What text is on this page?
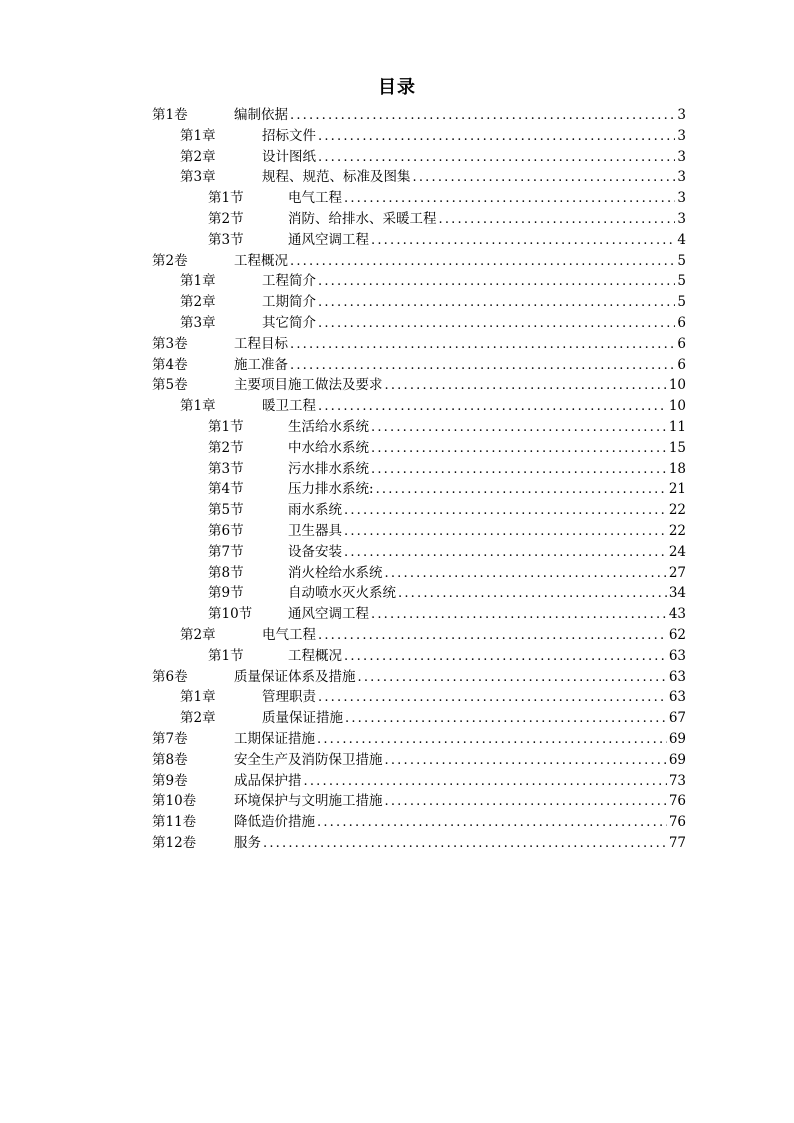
目录
第1卷	编制依据 .....	3
第1章	招标文件 .....	3
第2章	设计图纸 .....	3
第3章	规程、规范、标准及图集 .....	3
第1节	电气工程 .....	3
第2节	消防、给排水、采暖工程 .....	3
第3节	通风空调工程 .....	4
第2卷	工程概况 .....	5
第1章	工程简介 .....	5
第2章	工期简介 .....	5
第3章	其它简介 .....	6
第3卷	工程目标 .....	6
第4卷	施工准备 .....	6
第5卷	主要项目施工做法及要求 .....	10
第1章	暖卫工程 .....	10
第1节	生活给水系统 .....	11
第2节	中水给水系统 .....	15
第3节	污水排水系统 .....	18
第4节	压力排水系统: .....	21
第5节	雨水系统 .....	22
第6节	卫生器具 .....	22
第7节	设备安装 .....	24
第8节	消火栓给水系统 .....	27
第9节	自动喷水灭火系统 .....	34
第10节	通风空调工程 .....	43
第2章	电气工程 .....	62
第1节	工程概况 .....	63
第6卷	质量保证体系及措施 .....	63
第1章	管理职责 .....	63
第2章	质量保证措施 .....	67
第7卷	工期保证措施 .....	69
第8卷	安全生产及消防保卫措施 .....	69
第9卷	成品保护措 .....	73
第10卷	环境保护与文明施工措施 .....	76
第11卷	降低造价措施 .....	76
第12卷	服务 .....	77
